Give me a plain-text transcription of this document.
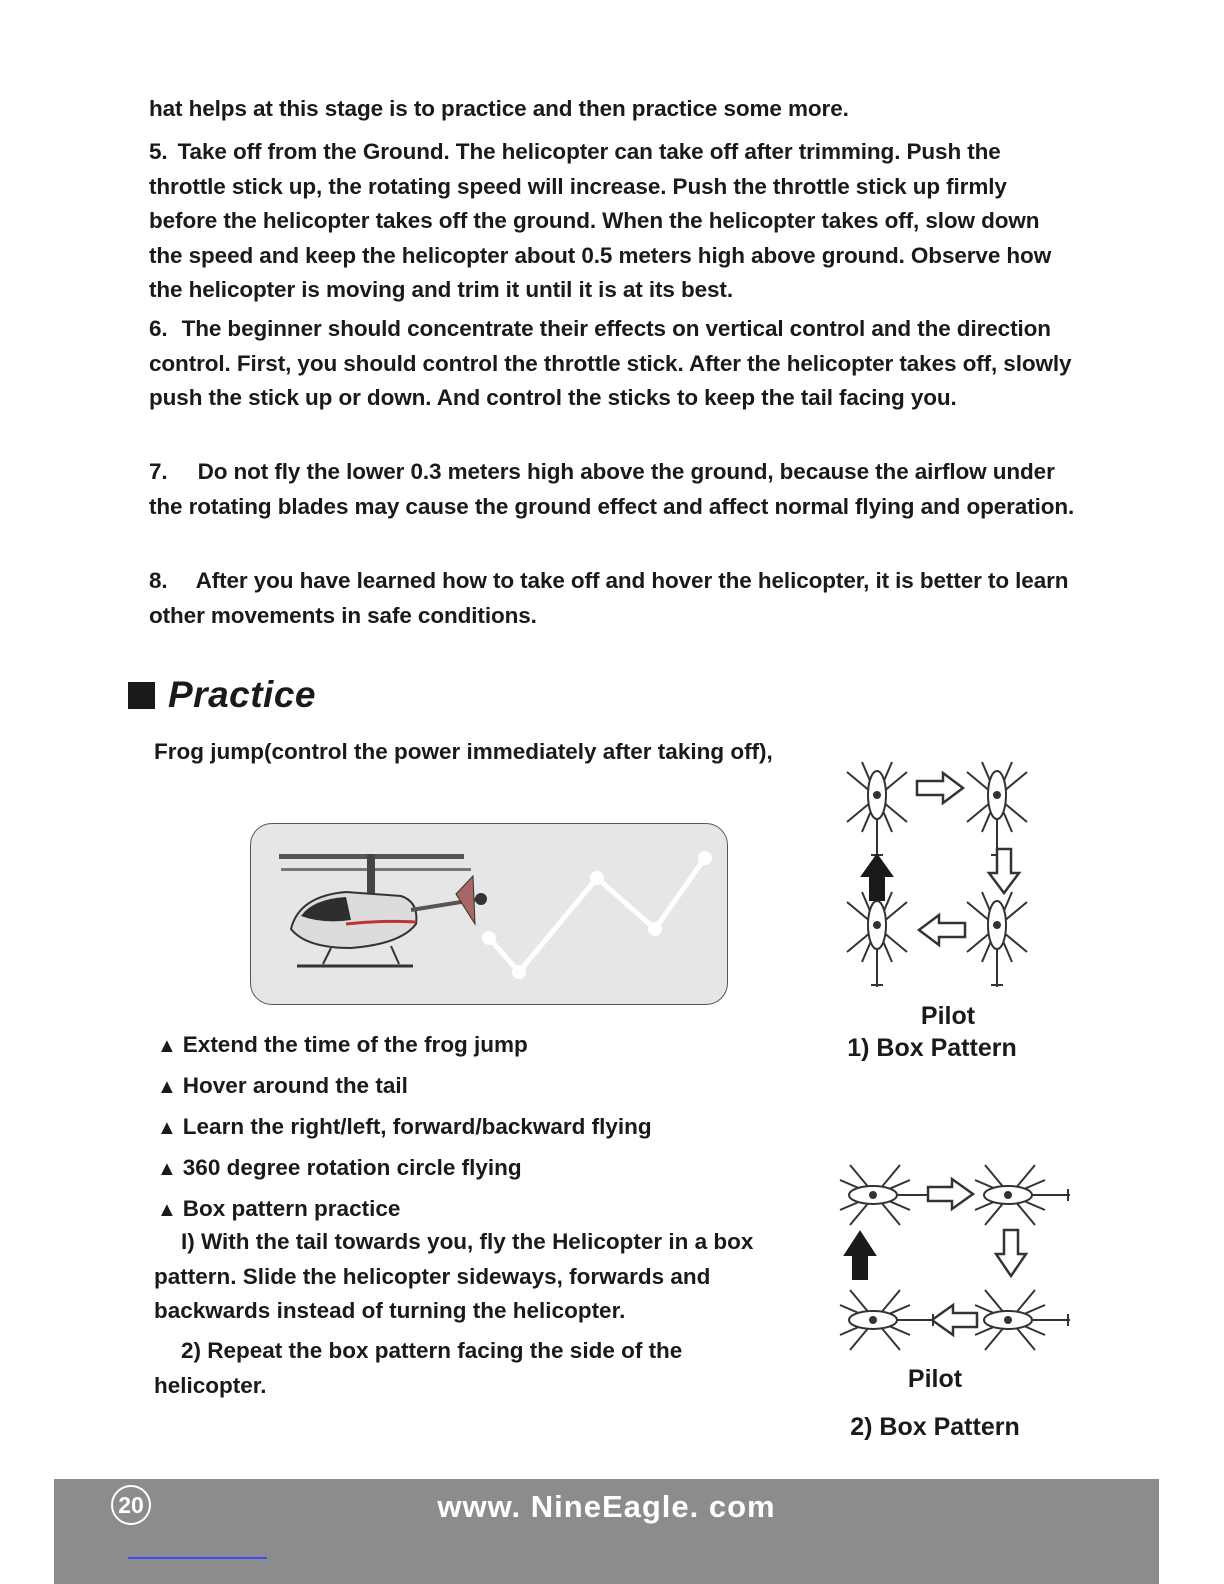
hat helps at this stage is to practice and then practice some more.
5. Take off from the Ground. The helicopter can take off after trimming. Push the throttle stick up, the rotating speed will increase. Push the throttle stick up firmly before the helicopter takes off the ground. When the helicopter takes off, slow down the speed and keep the helicopter about 0.5 meters high above ground. Observe how the helicopter is moving and trim it until it is at its best.
6. The beginner should concentrate their effects on vertical control and the direction control. First, you should control the throttle stick. After the helicopter takes off, slowly push the stick up or down. And control the sticks to keep the tail facing you.
7. Do not fly the lower 0.3 meters high above the ground, because the airflow under the rotating blades may cause the ground effect and affect normal flying and operation.
8. After you have learned how to take off and hover the helicopter, it is better to learn other movements in safe conditions.
Practice
Frog jump(control the power immediately after taking off),
▲ Extend the time of the frog jump
▲ Hover around the tail
▲ Learn the right/left, forward/backward flying
▲ 360 degree rotation circle flying
▲ Box pattern practice
I) With the tail towards you, fly the Helicopter in a box pattern. Slide the helicopter sideways, forwards and backwards instead of turning the helicopter.
2) Repeat the box pattern facing the side of the helicopter.
Pilot
1) Box Pattern
Pilot
2) Box Pattern
20	www. NineEagle. com
